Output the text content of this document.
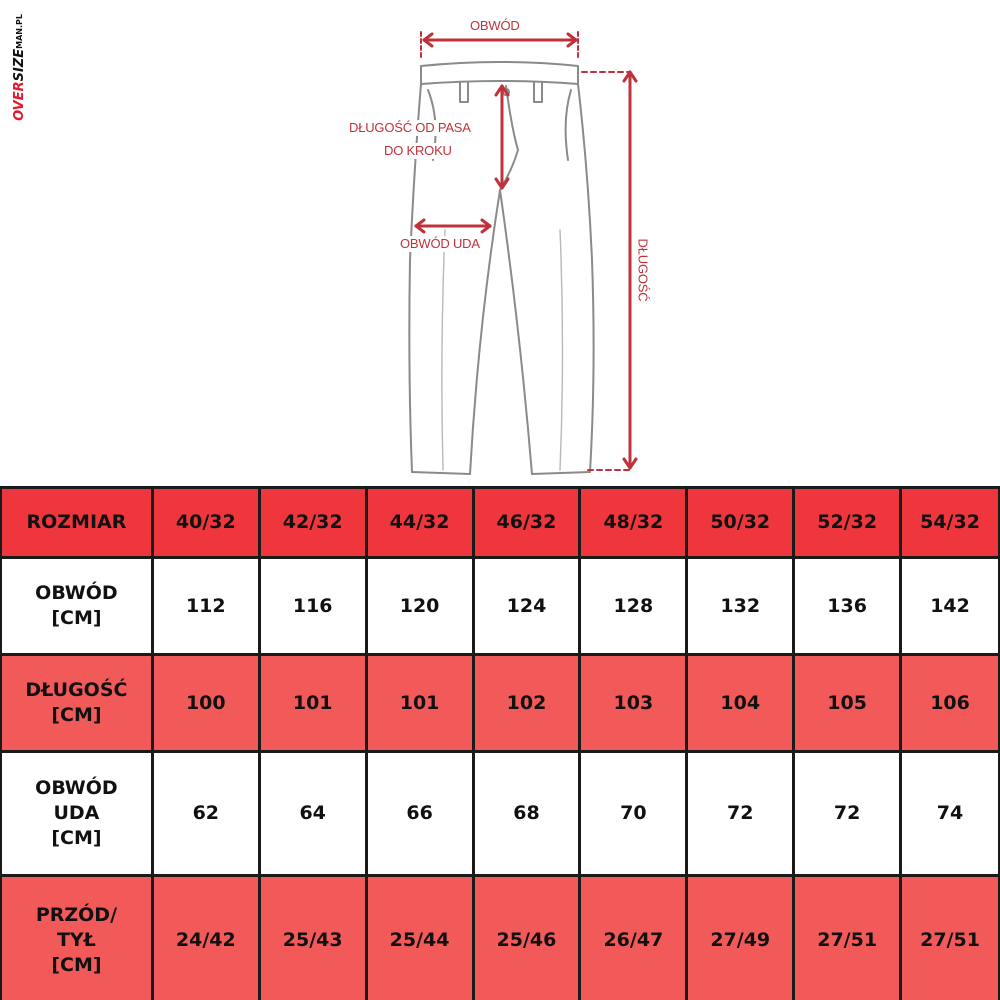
OVERSIZEMAN.PL	OBWÓD
DŁUGOŚĆ OD PASA
DO KROKU
OBWÓD UDA	DŁUGOŚĆ
ROZMIAR	40/32	42/32	44/32	46/32	48/32	50/32	52/32	54/32
OBWÓD
[CM]
112	116	120	124	128	132	136	142
DŁUGOŚĆ
[CM]
100	101	101	102	103	104	105	106
OBWÓD
UDA
[CM]
62	64	66	68	70	72	72	74
PRZÓD/
TYŁ
[CM]
24/42	25/43	25/44	25/46	26/47	27/49	27/51	27/51
